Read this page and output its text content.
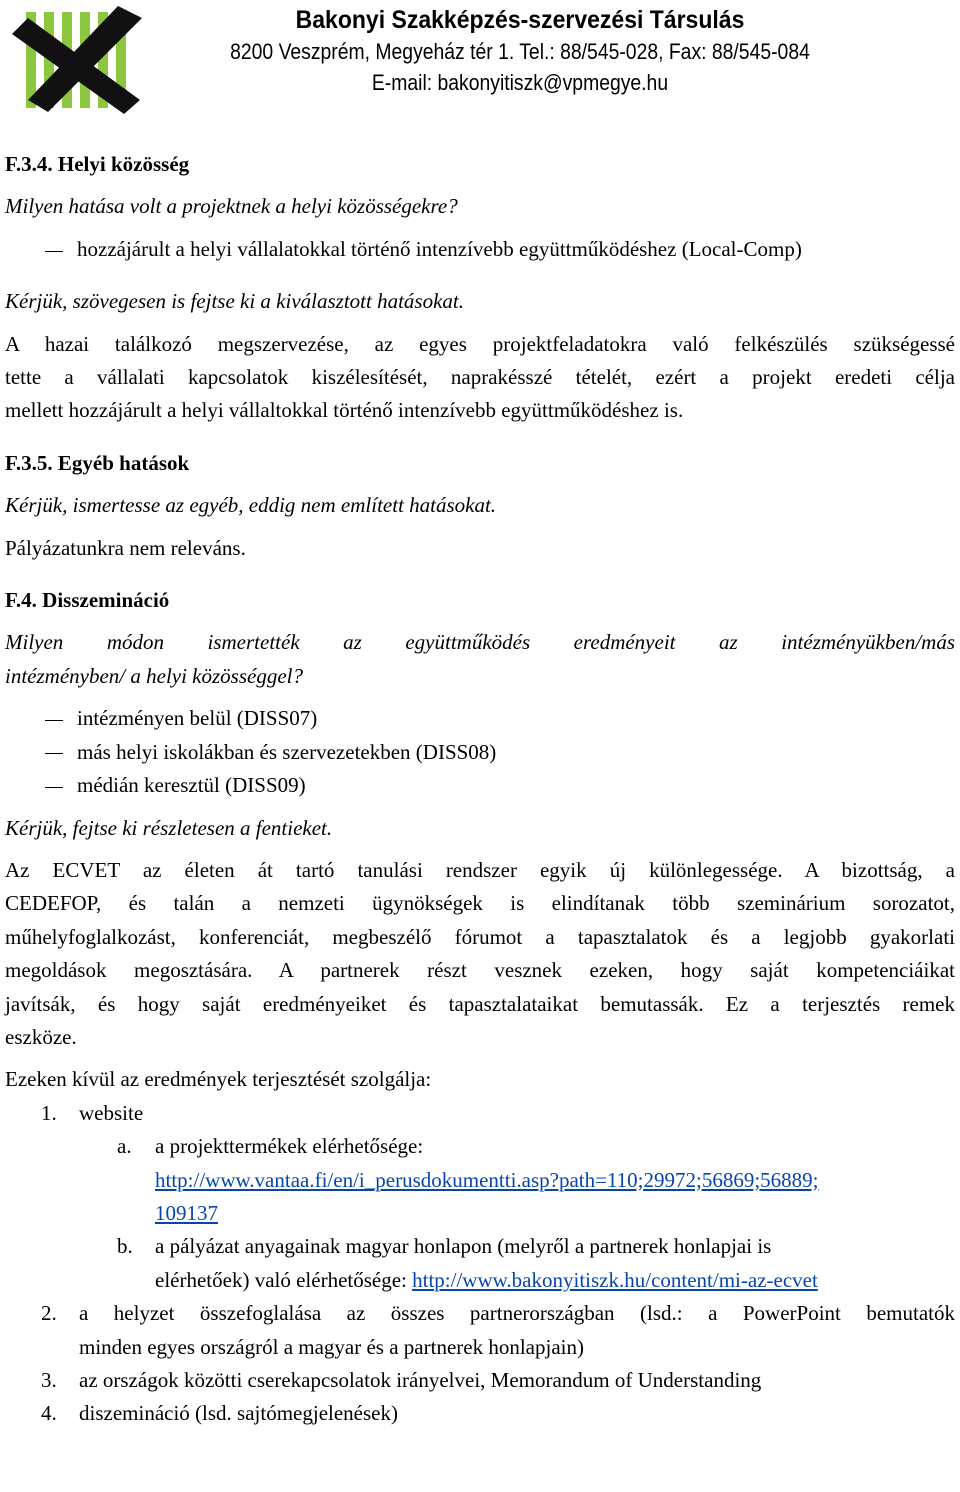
Bakonyi Szakképzés-szervezési Társulás
8200 Veszprém, Megyeház tér 1. Tel.: 88/545-028, Fax: 88/545-084
E-mail: bakonyitiszk@vpmegye.hu

F.3.4. Helyi közösség

Milyen hatása volt a projektnek a helyi közösségekre?

hozzájárult a helyi vállalatokkal történő intenzívebb együttműködéshez (Local-Comp)

Kérjük, szövegesen is fejtse ki a kiválasztott hatásokat.

A hazai találkozó megszervezése, az egyes projektfeladatokra való felkészülés szükségessé
tette a vállalati kapcsolatok kiszélesítését, naprakésszé tételét, ezért a projekt eredeti célja
mellett hozzájárult a helyi vállaltokkal történő intenzívebb együttműködéshez is.

F.3.5. Egyéb hatások

Kérjük, ismertesse az egyéb, eddig nem említett hatásokat.

Pályázatunkra nem releváns.

F.4. Disszemináció

Milyen módon ismertették az együttműködés eredményeit az intézményükben/más
intézményben/ a helyi közösséggel?
intézményen belül (DISS07)
más helyi iskolákban és szervezetekben (DISS08)
médián keresztül (DISS09)

Kérjük, fejtse ki részletesen a fentieket.

Az ECVET az életen át tartó tanulási rendszer egyik új különlegessége. A bizottság, a
CEDEFOP, és talán a nemzeti ügynökségek is elindítanak több szeminárium sorozatot,
műhelyfoglalkozást, konferenciát, megbeszélő fórumot a tapasztalatok és a legjobb gyakorlati
megoldások megosztására. A partnerek részt vesznek ezeken, hogy saját kompetenciáikat
javítsák, és hogy saját eredményeiket és tapasztalataikat bemutassák. Ez a terjesztés remek
eszköze.

Ezeken kívül az eredmények terjesztését szolgálja:

1. website
a. a projekttermékek elérhetősége:
http://www.vantaa.fi/en/i_perusdokumentti.asp?path=110;29972;56869;56889;
109137
b. a pályázat anyagainak magyar honlapon (melyről a partnerek honlapjai is
elérhetőek) való elérhetősége: http://www.bakonyitiszk.hu/content/mi-az-ecvet
2. a helyzet összefoglalása az összes partnerországban (lsd.: a PowerPoint bemutatók
minden egyes országról a magyar és a partnerek honlapjain)
3. az országok közötti cserekapcsolatok irányelvei, Memorandum of Understanding
4. diszemináció (lsd. sajtómegjelenések)
